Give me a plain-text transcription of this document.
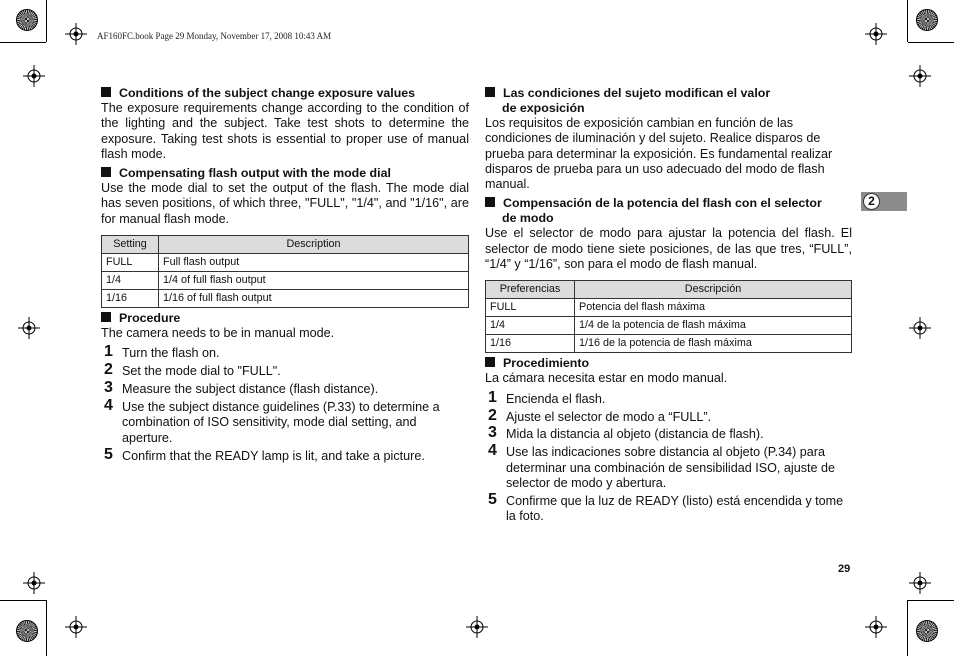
AF160FC.book Page 29 Monday, November 17, 2008 10:43 AM

Conditions of the subject change exposure values

The exposure requirements change according to the condition of the lighting and the subject. Take test shots to determine the exposure. Taking test shots is essential to proper use of manual flash mode.

Compensating flash output with the mode dial

Use the mode dial to set the output of the flash. The mode dial has seven positions, of which three, "FULL", "1/4", and "1/16", are for manual flash mode.

Setting	Description
FULL	Full flash output
1/4	1/4 of full flash output
1/16	1/16 of full flash output

Procedure

The camera needs to be in manual mode.

1 Turn the flash on.
2 Set the mode dial to "FULL".
3 Measure the subject distance (flash distance).
4 Use the subject distance guidelines (P.33) to determine a combination of ISO sensitivity, mode dial setting, and aperture.
5 Confirm that the READY lamp is lit, and take a picture.

Las condiciones del sujeto modifican el valor

de exposición

Los requisitos de exposición cambian en función de las condiciones de iluminación y del sujeto. Realice disparos de prueba para determinar la exposición. Es fundamental realizar disparos de prueba para un uso adecuado del modo de flash manual.

Compensación de la potencia del flash con el selector

de modo

Use el selector de modo para ajustar la potencia del flash. El selector de modo tiene siete posiciones, de las que tres, “FULL”, “1/4” y “1/16”, son para el modo de flash manual.

Preferencias	Descripción
FULL	Potencia del flash máxima
1/4	1/4 de la potencia de flash máxima
1/16	1/16 de la potencia de flash máxima

Procedimiento

La cámara necesita estar en modo manual.

1 Encienda el flash.
2 Ajuste el selector de modo a “FULL”.
3 Mida la distancia al objeto (distancia de flash).
4 Use las indicaciones sobre distancia al objeto (P.34) para determinar una combinación de sensibilidad ISO, ajuste de selector de modo y abertura.
5 Confirme que la luz de READY (listo) está encendida y tome la foto.
2
29
